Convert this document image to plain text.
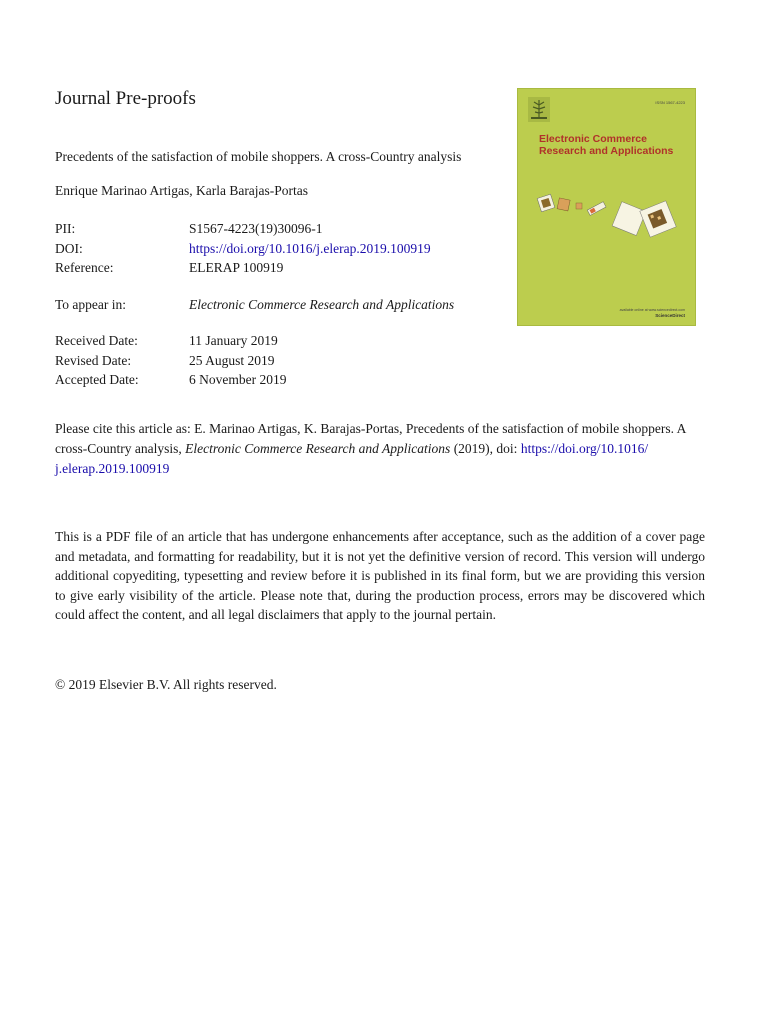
Journal Pre-proofs
Precedents of the satisfaction of mobile shoppers. A cross-Country analysis
Enrique Marinao Artigas, Karla Barajas-Portas
PII:	S1567-4223(19)30096-1
DOI:	https://doi.org/10.1016/j.elerap.2019.100919
Reference:	ELERAP 100919
To appear in:	Electronic Commerce Research and Applications
Received Date:	11 January 2019
Revised Date:	25 August 2019
Accepted Date:	6 November 2019
Please cite this article as: E. Marinao Artigas, K. Barajas-Portas, Precedents of the satisfaction of mobile shoppers. A cross-Country analysis, Electronic Commerce Research and Applications (2019), doi: https://doi.org/10.1016/
j.elerap.2019.100919
This is a PDF file of an article that has undergone enhancements after acceptance, such as the addition of a cover page and metadata, and formatting for readability, but it is not yet the definitive version of record. This version will undergo additional copyediting, typesetting and review before it is published in its final form, but we are providing this version to give early visibility of the article. Please note that, during the production process, errors may be discovered which could affect the content, and all legal disclaimers that apply to the journal pertain.
© 2019 Elsevier B.V. All rights reserved.
ISSN 1567-4223
Electronic Commerce
Research and Applications
available online at www.sciencedirect.com
ScienceDirect
